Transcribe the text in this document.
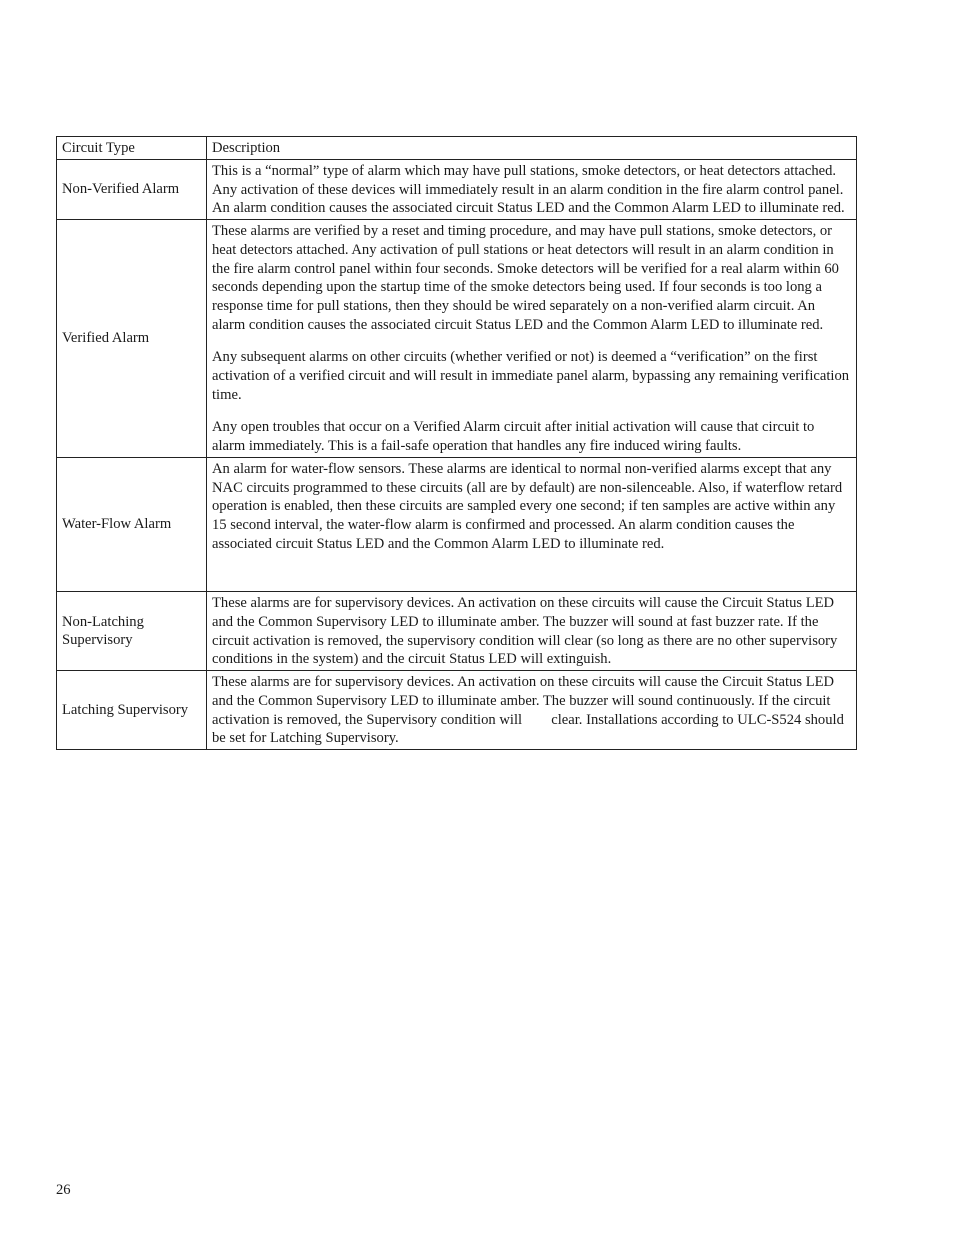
Circuit Type	Description
Non-Verified Alarm	This is a “normal” type of alarm which may have pull stations, smoke detectors, or heat detectors attached. Any activation of these devices will immediately result in an alarm condition in the fire alarm control panel. An alarm condition causes the associated circuit Status LED and the Common Alarm LED to illuminate red.

Verified Alarm	These alarms are verified by a reset and timing procedure, and may have pull stations, smoke detectors, or heat detectors attached. Any activation of pull stations or heat detectors will result in an alarm condition in the fire alarm control panel within four seconds. Smoke detectors will be verified for a real alarm within 60 seconds depending upon the startup time of the smoke detectors being used. If four seconds is too long a response time for pull stations, then they should be wired separately on a non-verified alarm circuit. An alarm condition causes the associated circuit Status LED and the Common Alarm LED to illuminate red.

Any subsequent alarms on other circuits (whether verified or not) is deemed a “verification” on the first activation of a verified circuit and will result in immediate panel alarm, bypassing any remaining verification time.

Any open troubles that occur on a Verified Alarm circuit after initial activation will cause that circuit to alarm immediately. This is a fail-safe operation that handles any fire induced wiring faults.

Water-Flow Alarm	An alarm for water-flow sensors. These alarms are identical to normal non-verified alarms except that any NAC circuits programmed to these circuits (all are by default) are non-silenceable. Also, if waterflow retard operation is enabled, then these circuits are sampled every one second; if ten samples are active within any 15 second interval, the water-flow alarm is confirmed and processed. An alarm condition causes the associated circuit Status LED and the Common Alarm LED to illuminate red.

Non-Latching Supervisory	These alarms are for supervisory devices. An activation on these circuits will cause the Circuit Status LED and the Common Supervisory LED to illuminate amber. The buzzer will sound at fast buzzer rate. If the circuit activation is removed, the supervisory condition will clear (so long as there are no other supervisory conditions in the system) and the circuit Status LED will extinguish.

Latching Supervisory	These alarms are for supervisory devices. An activation on these circuits will cause the Circuit Status LED and the Common Supervisory LED to illuminate amber. The buzzer will sound continuously. If the circuit activation is removed, the Supervisory condition will        clear. Installations according to ULC-S524 should be set for Latching Supervisory.

26
